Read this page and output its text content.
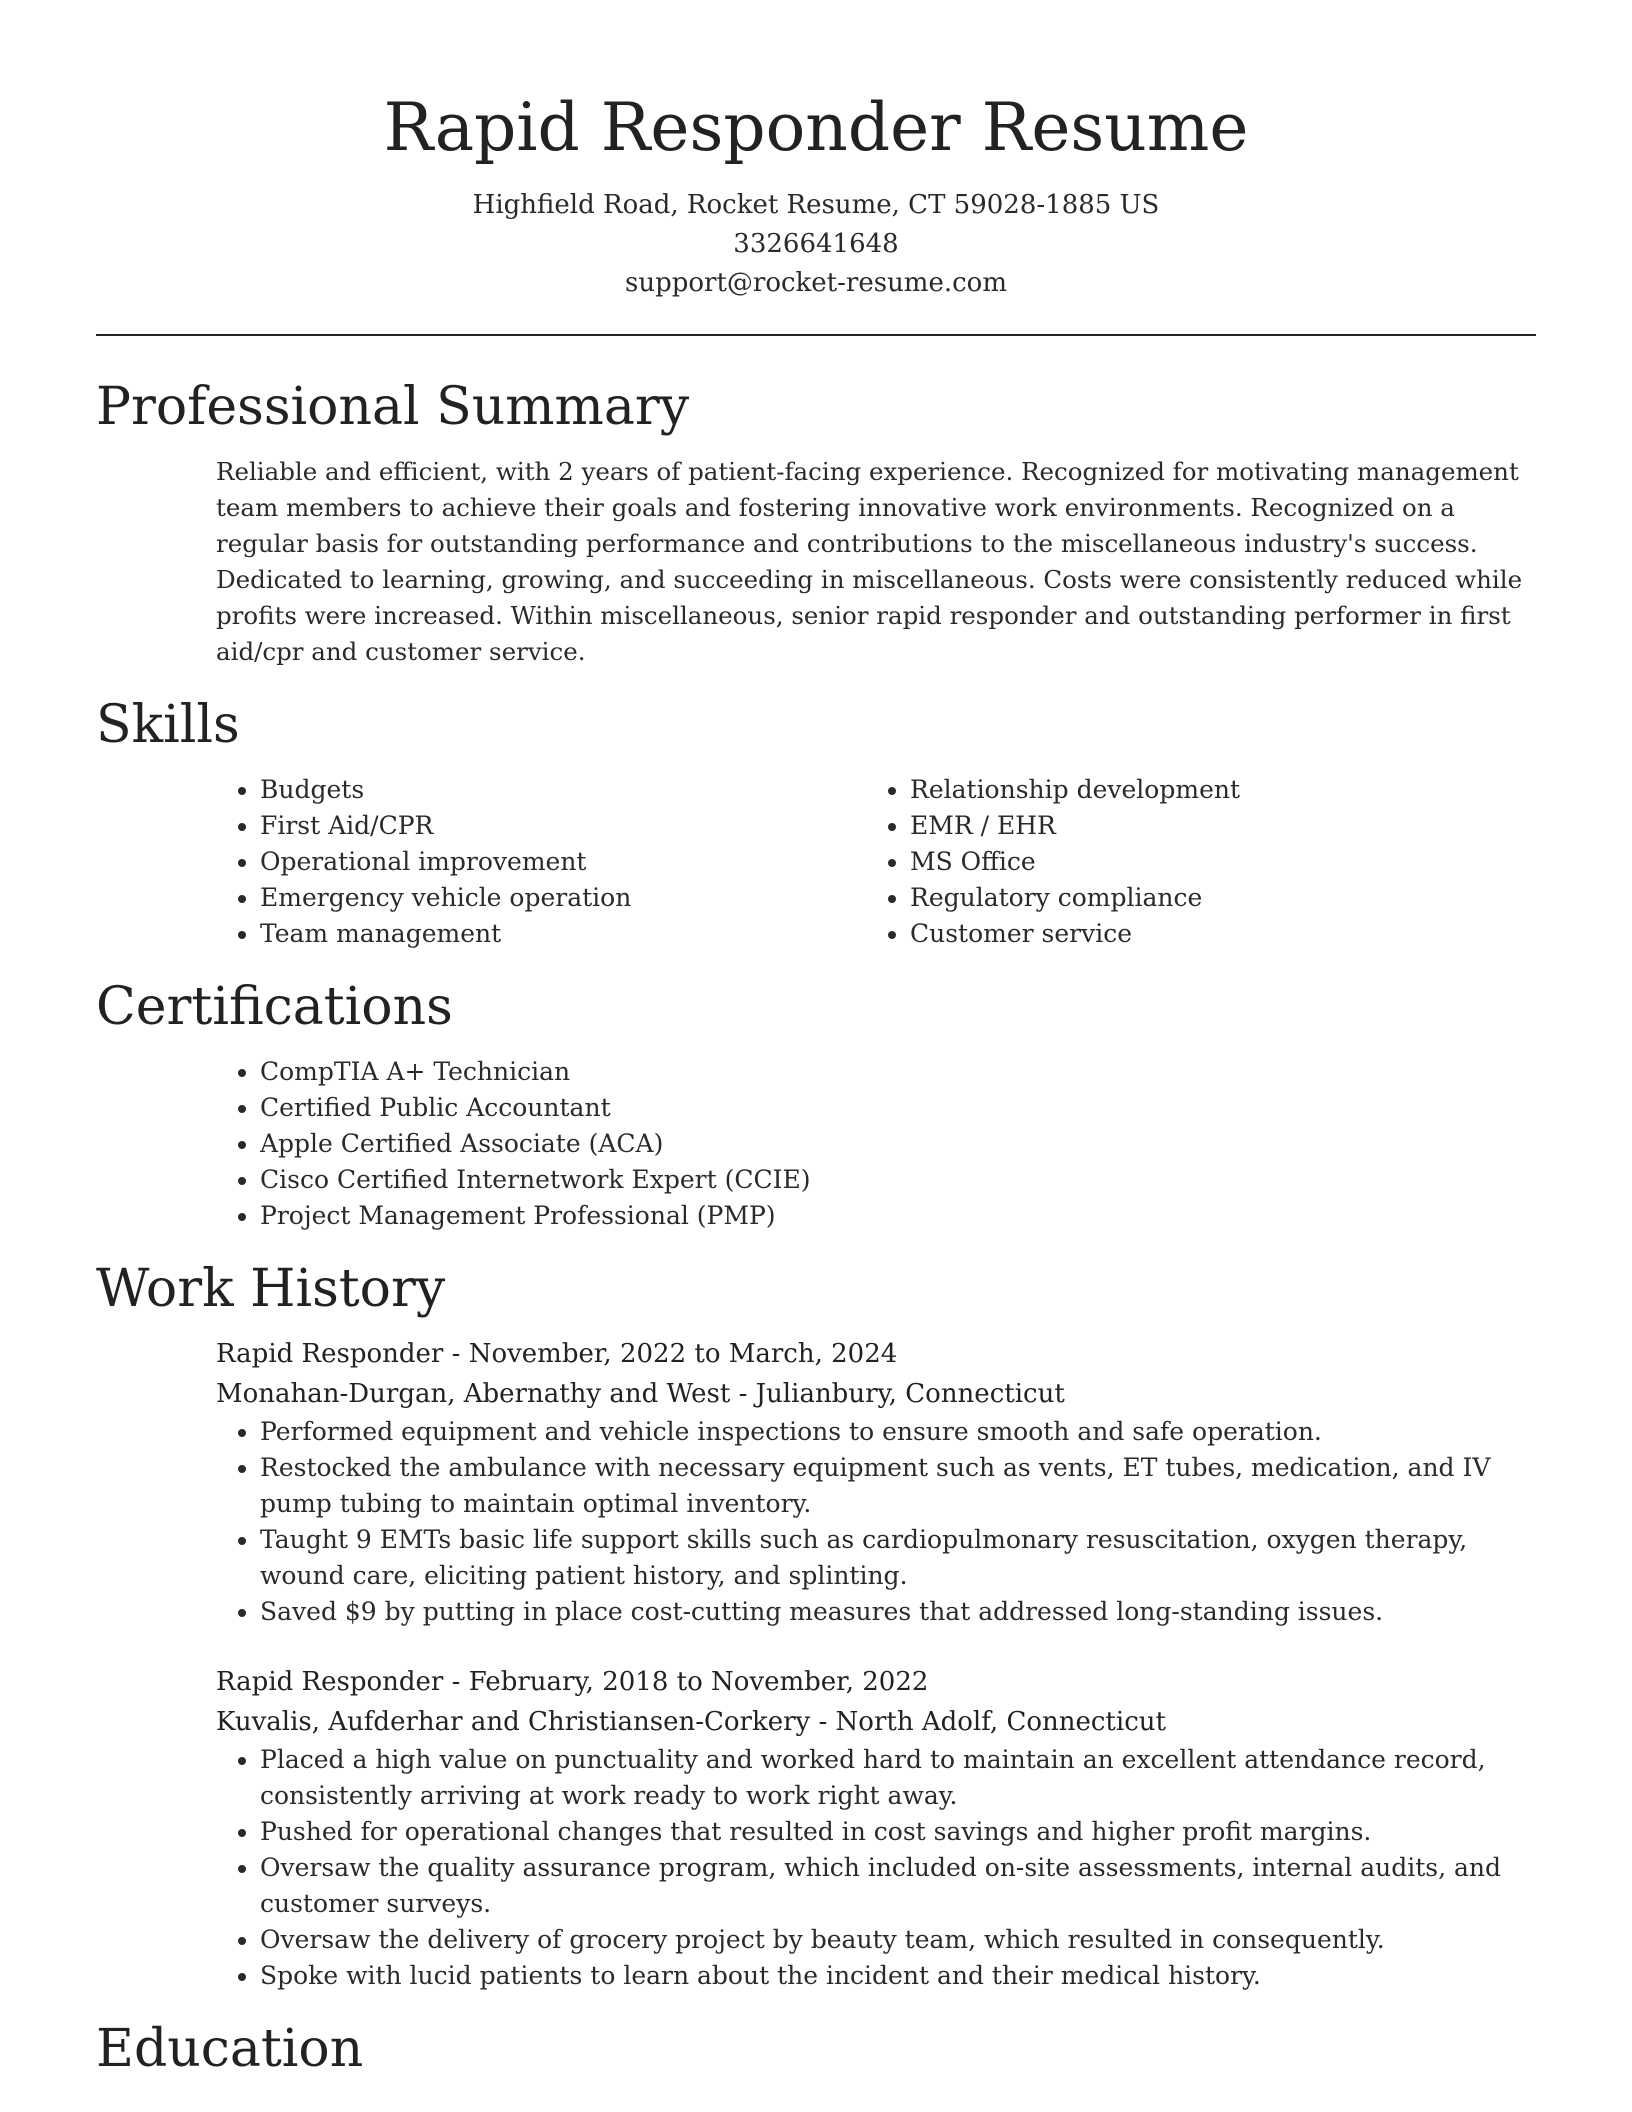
Rapid Responder Resume
Highfield Road, Rocket Resume, CT 59028-1885 US
3326641648
support@rocket-resume.com
Professional Summary

Reliable and efficient, with 2 years of patient-facing experience. Recognized for motivating management team members to achieve their goals and fostering innovative work environments. Recognized on a regular basis for outstanding performance and contributions to the miscellaneous industry's success. Dedicated to learning, growing, and succeeding in miscellaneous. Costs were consistently reduced while profits were increased. Within miscellaneous, senior rapid responder and outstanding performer in first aid/cpr and customer service.

Skills
• Budgets
• First Aid/CPR
• Operational improvement
• Emergency vehicle operation
• Team management
• Relationship development
• EMR / EHR
• MS Office
• Regulatory compliance
• Customer service
Certifications
• CompTIA A+ Technician
• Certified Public Accountant
• Apple Certified Associate (ACA)
• Cisco Certified Internetwork Expert (CCIE)
• Project Management Professional (PMP)
Work History
Rapid Responder - November, 2022 to March, 2024
Monahan-Durgan, Abernathy and West - Julianbury, Connecticut
• Performed equipment and vehicle inspections to ensure smooth and safe operation.
• Restocked the ambulance with necessary equipment such as vents, ET tubes, medication, and IV pump tubing to maintain optimal inventory.
• Taught 9 EMTs basic life support skills such as cardiopulmonary resuscitation, oxygen therapy, wound care, eliciting patient history, and splinting.
• Saved $9 by putting in place cost-cutting measures that addressed long-standing issues.
Rapid Responder - February, 2018 to November, 2022
Kuvalis, Aufderhar and Christiansen-Corkery - North Adolf, Connecticut
• Placed a high value on punctuality and worked hard to maintain an excellent attendance record, consistently arriving at work ready to work right away.
• Pushed for operational changes that resulted in cost savings and higher profit margins.
• Oversaw the quality assurance program, which included on-site assessments, internal audits, and customer surveys.
• Oversaw the delivery of grocery project by beauty team, which resulted in consequently.
• Spoke with lucid patients to learn about the incident and their medical history.
Education
